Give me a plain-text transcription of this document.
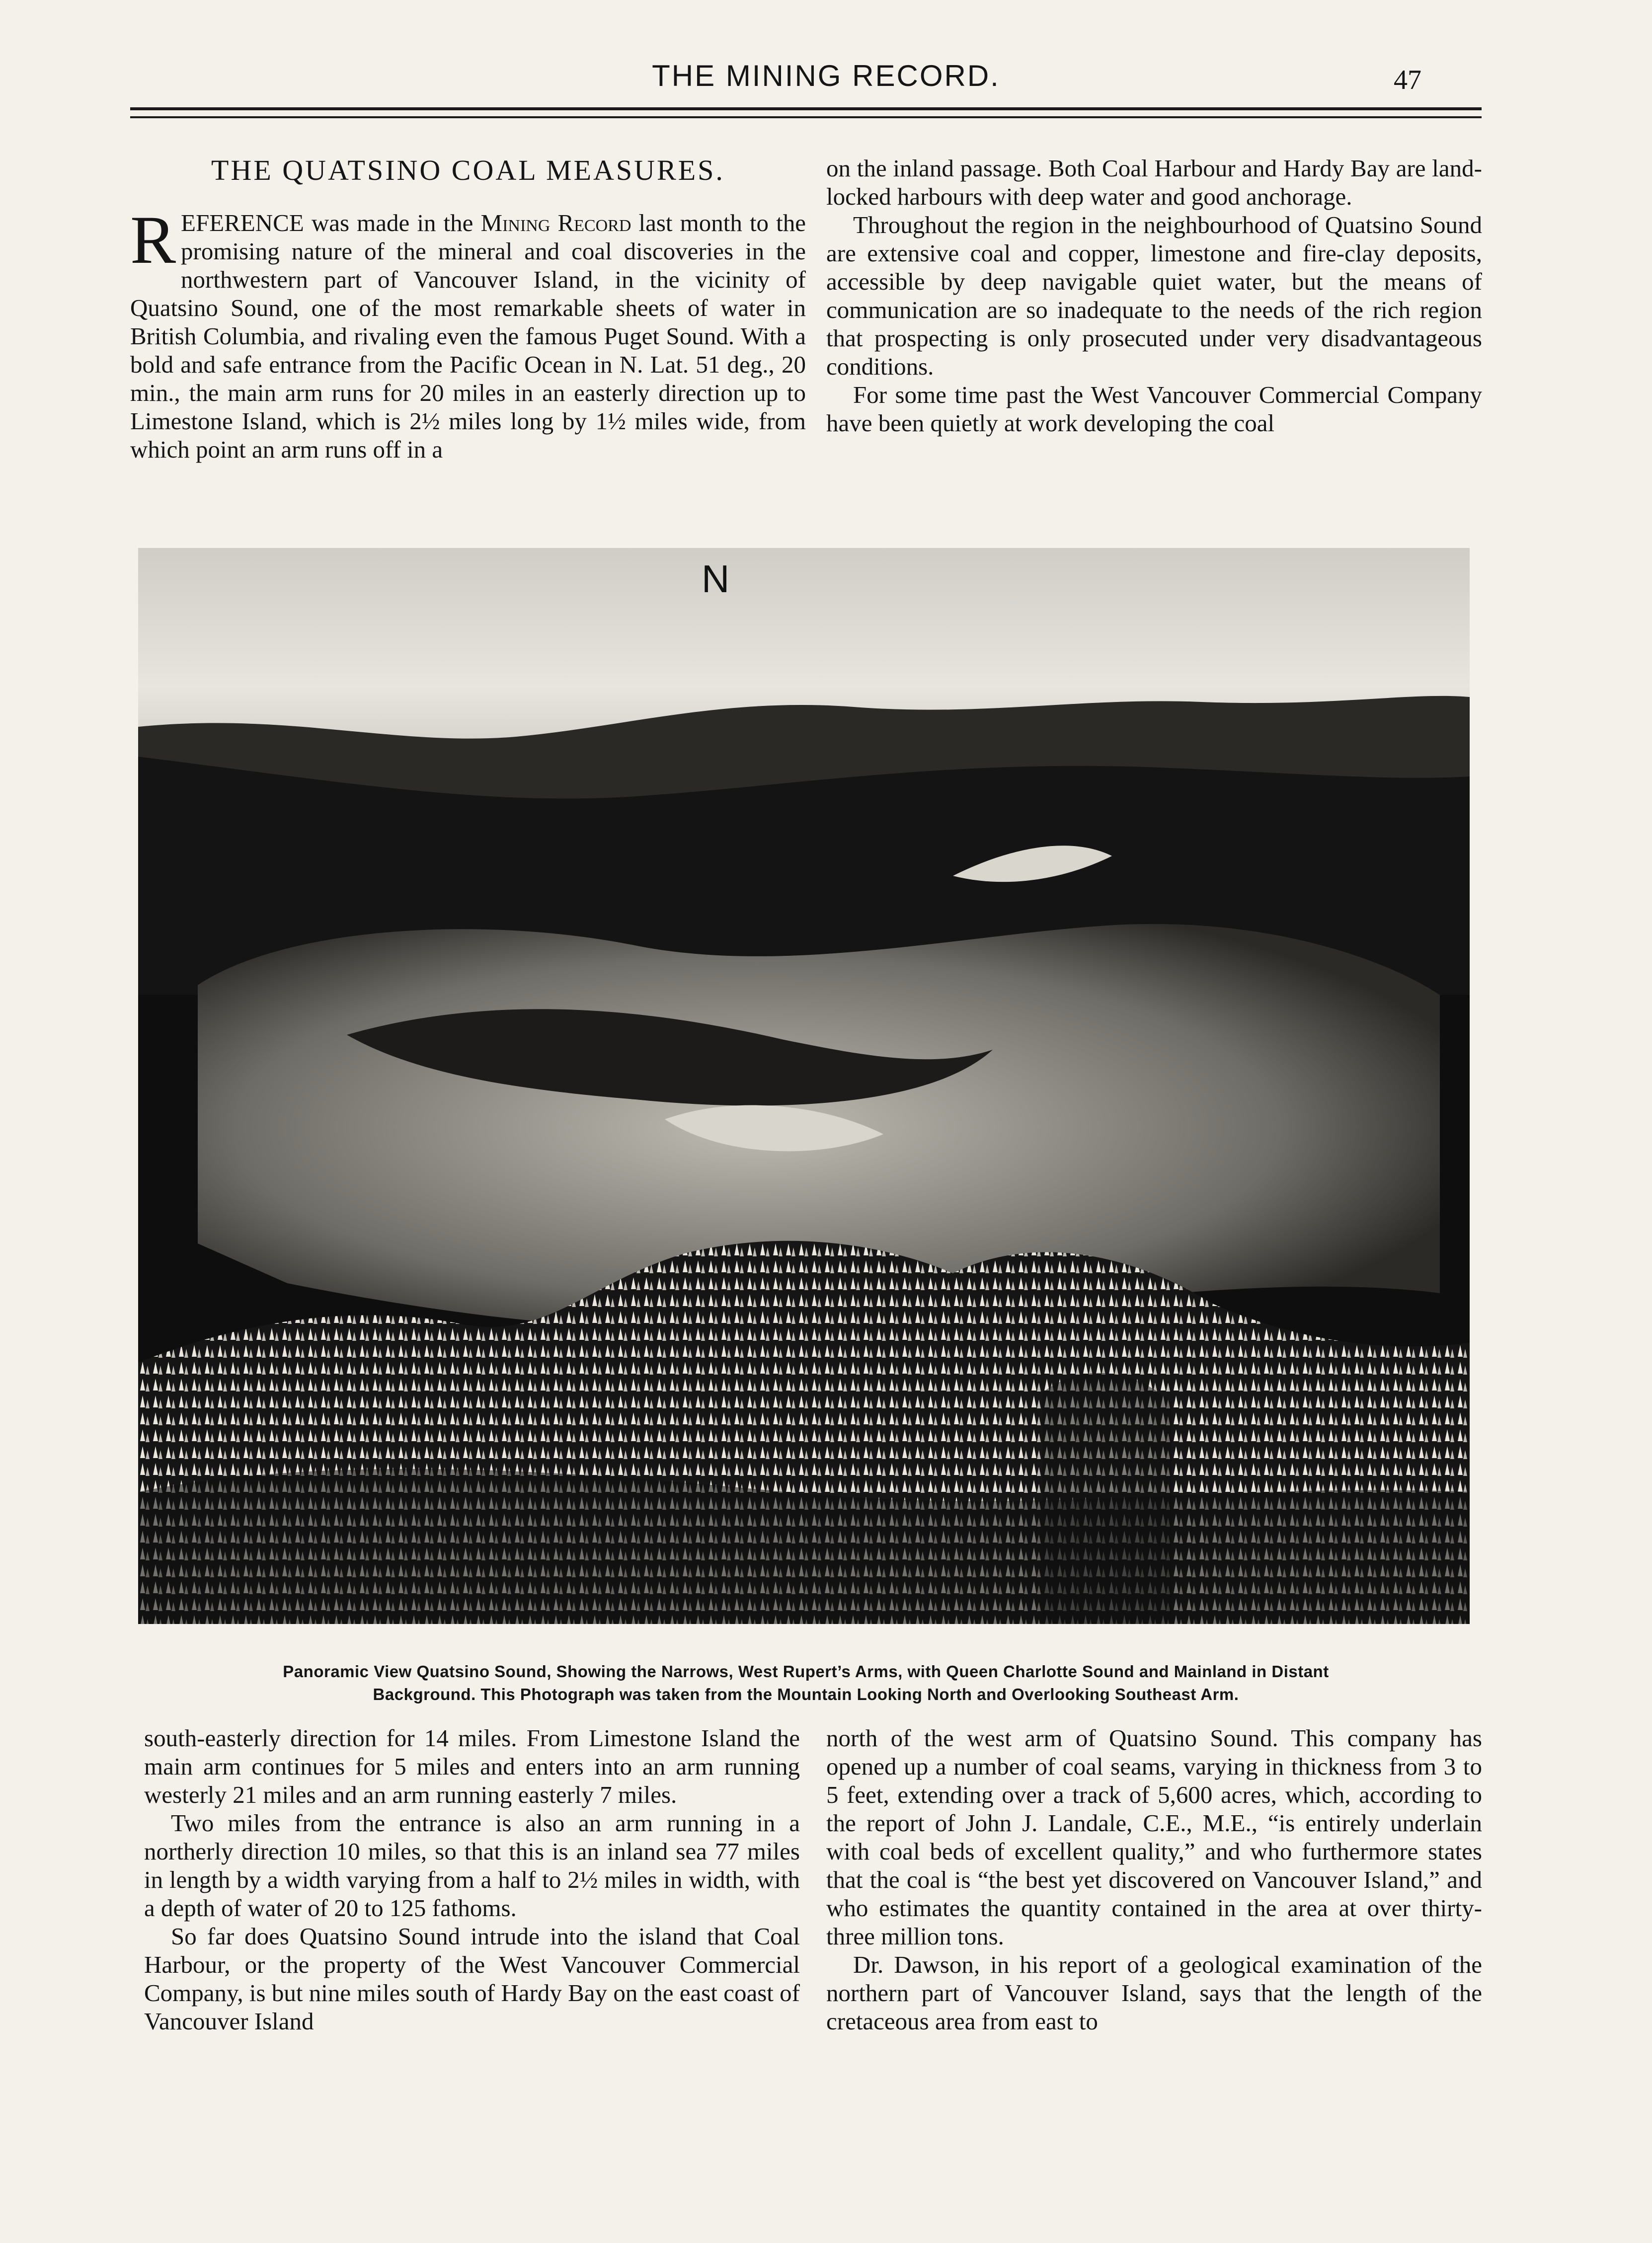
THE MINING RECORD.	47
THE QUATSINO COAL MEASURES.

REFERENCE was made in the Mining Record last month to the promising nature of the mineral and coal discoveries in the northwestern part of Vancouver Island, in the vicinity of Quatsino Sound, one of the most remarkable sheets of water in British Columbia, and rivaling even the famous Puget Sound. With a bold and safe entrance from the Pacific Ocean in N. Lat. 51 deg., 20 min., the main arm runs for 20 miles in an easterly direction up to Limestone Island, which is 2½ miles long by 1½ miles wide, from which point an arm runs off in a

on the inland passage. Both Coal Harbour and Hardy Bay are land-locked harbours with deep water and good anchorage.

Throughout the region in the neighbourhood of Quatsino Sound are extensive coal and copper, limestone and fire-clay deposits, accessible by deep navigable quiet water, but the means of communication are so inadequate to the needs of the rich region that prospecting is only prosecuted under very disadvantageous conditions.

For some time past the West Vancouver Commercial Company have been quietly at work developing the coal

N
Panoramic View Quatsino Sound, Showing the Narrows, West Rupert’s Arms, with Queen Charlotte Sound and Mainland in Distant
Background. This Photograph was taken from the Mountain Looking North and Overlooking Southeast Arm.

south-easterly direction for 14 miles. From Limestone Island the main arm continues for 5 miles and enters into an arm running westerly 21 miles and an arm running easterly 7 miles.

Two miles from the entrance is also an arm running in a northerly direction 10 miles, so that this is an inland sea 77 miles in length by a width varying from a half to 2½ miles in width, with a depth of water of 20 to 125 fathoms.

So far does Quatsino Sound intrude into the island that Coal Harbour, or the property of the West Vancouver Commercial Company, is but nine miles south of Hardy Bay on the east coast of Vancouver Island

north of the west arm of Quatsino Sound. This company has opened up a number of coal seams, varying in thickness from 3 to 5 feet, extending over a track of 5,600 acres, which, according to the report of John J. Landale, C.E., M.E., “is entirely underlain with coal beds of excellent quality,” and who furthermore states that the coal is “the best yet discovered on Vancouver Island,” and who estimates the quantity contained in the area at over thirty-three million tons.

Dr. Dawson, in his report of a geological examination of the northern part of Vancouver Island, says that the length of the cretaceous area from east to
